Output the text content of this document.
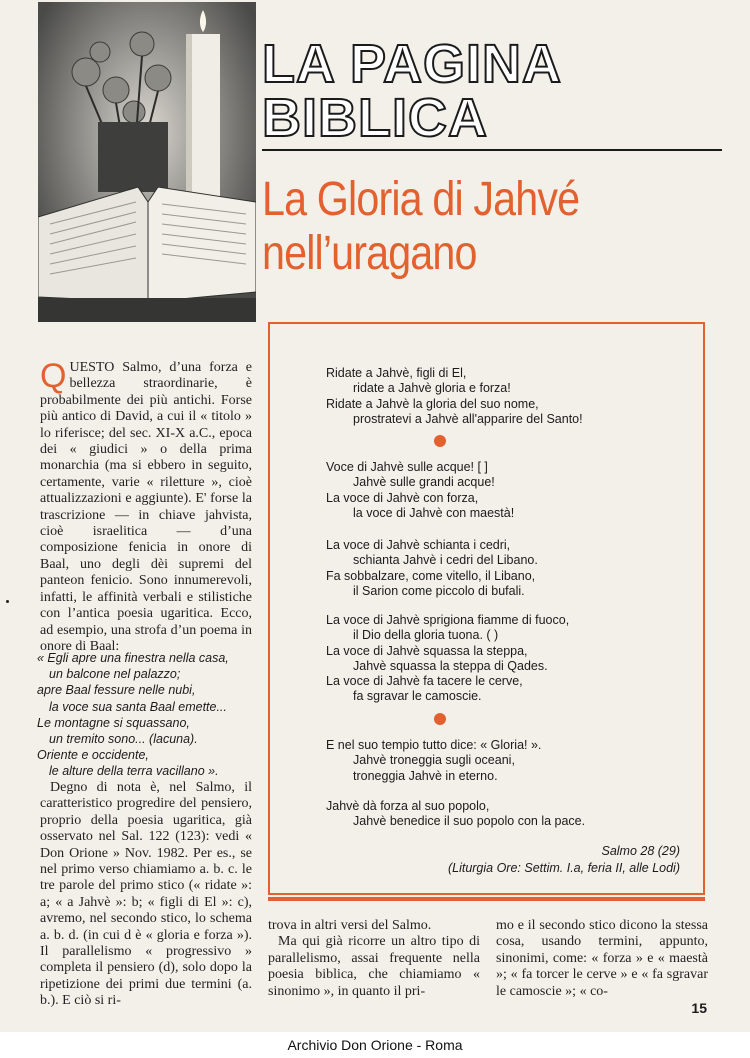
LA PAGINA
BIBLICA
La Gloria di Jahvé
nell’uragano
QUESTO Salmo, d’una forza e bellezza straordinarie, è probabilmente dei più antichi. Forse più antico di David, a cui il « titolo » lo riferisce; del sec. XI-X a.C., epoca dei « giudici » o della prima monarchia (ma si ebbero in seguito, certamente, varie « riletture », cioè attualizzazioni e aggiunte). E' forse la trascrizione — in chiave jahvista, cioè israelitica — d’una composizione fenicia in onore di Baal, uno degli dèi supremi del panteon fenicio. Sono innumerevoli, infatti, le affinità verbali e stilistiche con l’antica poesia ugaritica. Ecco, ad esempio, una strofa d’un poema in onore di Baal:
« Egli apre una finestra nella casa,
un balcone nel palazzo;
apre Baal fessure nelle nubi,
la voce sua santa Baal emette...
Le montagne si squassano,
un tremito sono... (lacuna).
Oriente e occidente,
le alture della terra vacillano ».
Degno di nota è, nel Salmo, il caratteristico progredire del pensiero, proprio della poesia ugaritica, già osservato nel Sal. 122 (123): vedi « Don Orione » Nov. 1982. Per es., se nel primo verso chiamiamo a. b. c. le tre parole del primo stico (« ridate »: a; « a Jahvè »: b; « figli di El »: c), avremo, nel secondo stico, lo schema a. b. d. (in cui d è « gloria e forza »). Il parallelismo « progressivo » completa il pensiero (d), solo dopo la ripetizione dei primi due termini (a. b.). E ciò si ri-
Ridate a Jahvè, figli di El,
ridate a Jahvè gloria e forza!
Ridate a Jahvè la gloria del suo nome,
prostratevi a Jahvè all'apparire del Santo!
Voce di Jahvè sulle acque! [ ]
Jahvè sulle grandi acque!
La voce di Jahvè con forza,
la voce di Jahvè con maestà!
La voce di Jahvè schianta i cedri,
schianta Jahvè i cedri del Libano.
Fa sobbalzare, come vitello, il Libano,
il Sarion come piccolo di bufali.
La voce di Jahvè sprigiona fiamme di fuoco,
il Dio della gloria tuona. ( )
La voce di Jahvè squassa la steppa,
Jahvè squassa la steppa di Qades.
La voce di Jahvè fa tacere le cerve,
fa sgravar le camoscie.
E nel suo tempio tutto dice: « Gloria! ».
Jahvè troneggia sugli oceani,
troneggia Jahvè in eterno.
Jahvè dà forza al suo popolo,
Jahvè benedice il suo popolo con la pace.
Salmo 28 (29)
(Liturgia Ore: Settim. I.a, feria II, alle Lodi)
trova in altri versi del Salmo.
Ma qui già ricorre un altro tipo di parallelismo, assai frequente nella poesia biblica, che chiamiamo « sinonimo », in quanto il pri-
mo e il secondo stico dicono la stessa cosa, usando termini, appunto, sinonimi, come: « forza » e « maestà »; « fa torcer le cerve » e « fa sgravar le camoscie »; « co-
15
Archivio Don Orione - Roma
